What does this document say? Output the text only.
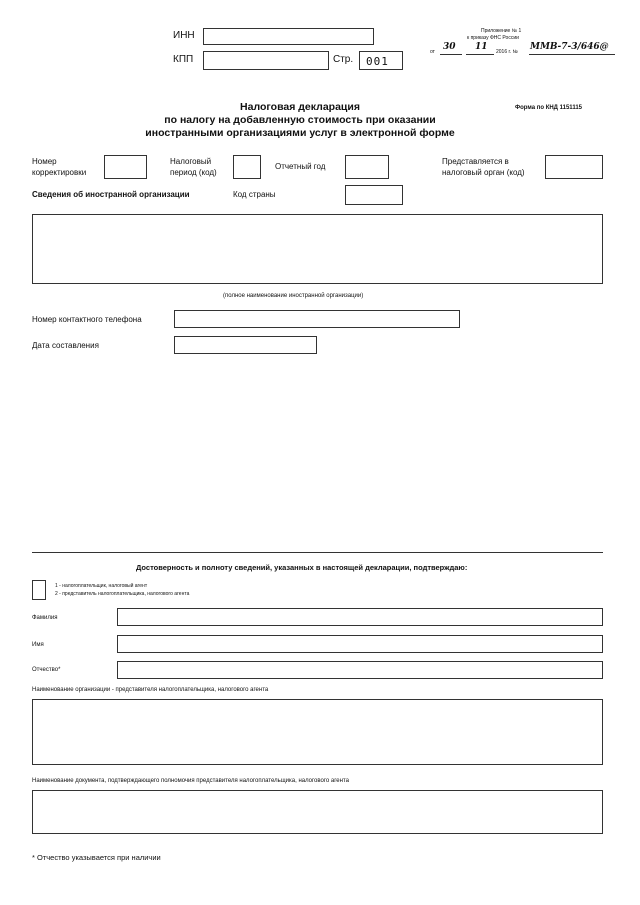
ИНН
КПП	Стр. 001
Приложение № 1
к приказу ФНС России
от 30 11 2016 г. № ММВ-7-3/646@
Налоговая декларация
по налогу на добавленную стоимость при оказании
иностранными организациями услуг в электронной форме
Форма по КНД 1151115
Номер
корректировки
Налоговый
период (код)
Отчетный год
Представляется в
налоговый орган (код)
Сведения об иностранной организации	Код страны
(полное наименование иностранной организации)
Номер контактного телефона
Дата составления
Достоверность и полноту сведений, указанных в настоящей декларации, подтверждаю:
1 - налогоплательщик, налоговый агент
2 - представитель налогоплательщика, налогового агента
Фамилия
Имя
Отчество*
Наименование организации - представителя налогоплательщика, налогового агента
Наименование документа, подтверждающего полномочия представителя налогоплательщика, налогового агента
* Отчество указывается при наличии
